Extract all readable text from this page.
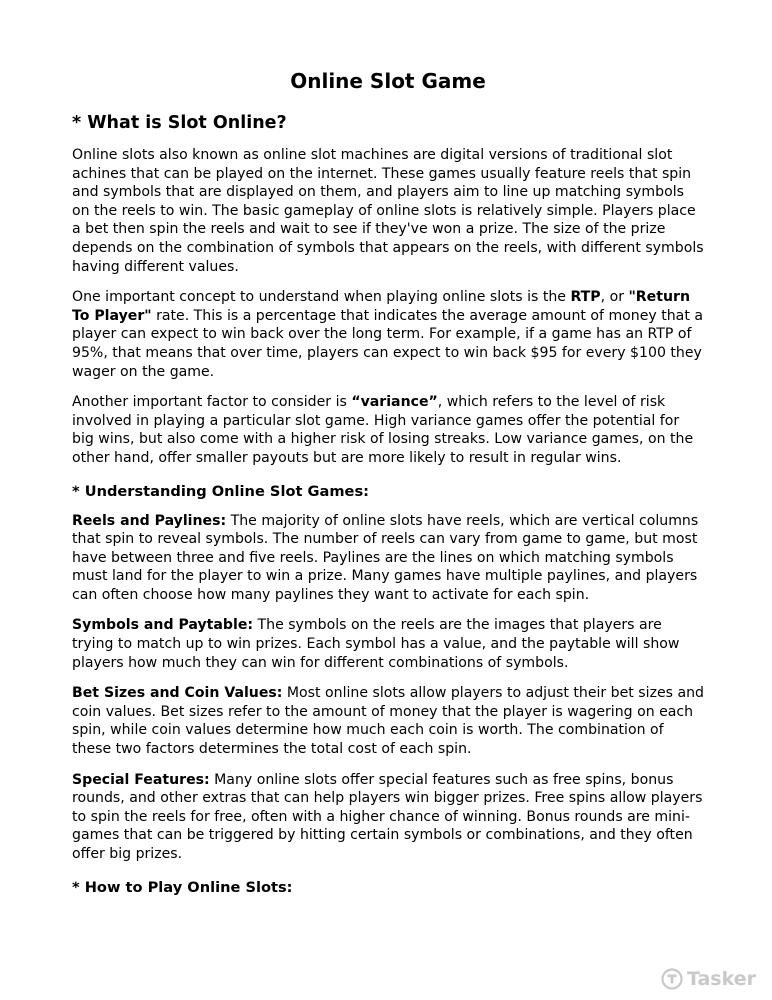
Online Slot Game
* What is Slot Online?

Online slots also known as online slot machines are digital versions of traditional slot achines that can be played on the internet. These games usually feature reels that spin and symbols that are displayed on them, and players aim to line up matching symbols on the reels to win. The basic gameplay of online slots is relatively simple. Players place a bet then spin the reels and wait to see if they've won a prize. The size of the prize depends on the combination of symbols that appears on the reels, with different symbols having different values.

One important concept to understand when playing online slots is the RTP, or "Return To Player" rate. This is a percentage that indicates the average amount of money that a player can expect to win back over the long term. For example, if a game has an RTP of 95%, that means that over time, players can expect to win back $95 for every $100 they wager on the game.

Another important factor to consider is “variance”, which refers to the level of risk involved in playing a particular slot game. High variance games offer the potential for big wins, but also come with a higher risk of losing streaks. Low variance games, on the other hand, offer smaller payouts but are more likely to result in regular wins.

* Understanding Online Slot Games:

Reels and Paylines: The majority of online slots have reels, which are vertical columns that spin to reveal symbols. The number of reels can vary from game to game, but most have between three and five reels. Paylines are the lines on which matching symbols must land for the player to win a prize. Many games have multiple paylines, and players can often choose how many paylines they want to activate for each spin.

Symbols and Paytable: The symbols on the reels are the images that players are trying to match up to win prizes. Each symbol has a value, and the paytable will show players how much they can win for different combinations of symbols.

Bet Sizes and Coin Values: Most online slots allow players to adjust their bet sizes and coin values. Bet sizes refer to the amount of money that the player is wagering on each spin, while coin values determine how much each coin is worth. The combination of these two factors determines the total cost of each spin.

Special Features: Many online slots offer special features such as free spins, bonus rounds, and other extras that can help players win bigger prizes. Free spins allow players to spin the reels for free, often with a higher chance of winning. Bonus rounds are mini-games that can be triggered by hitting certain symbols or combinations, and they often offer big prizes.

* How to Play Online Slots:
Tasker
